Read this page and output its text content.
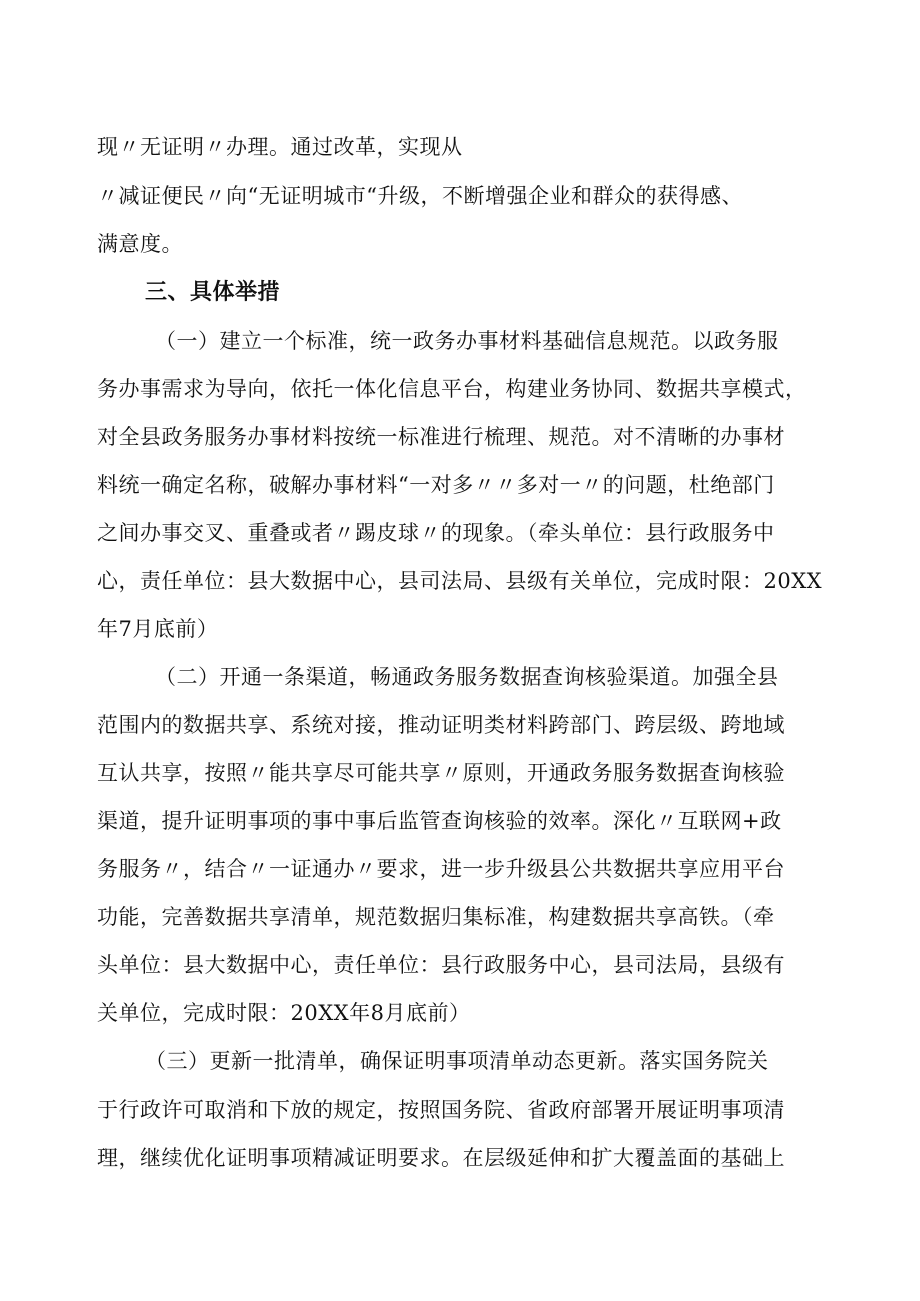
现〃无证明〃办理。通过改革，实现从
〃减证便民〃向“无证明城市“升级，不断增强企业和群众的获得感、
满意度。
三、具体举措
（一）建立一个标准，统一政务办事材料基础信息规范。以政务服
务办事需求为导向，依托一体化信息平台，构建业务协同、数据共享模式，
对全县政务服务办事材料按统一标准进行梳理、规范。对不清晰的办事材
料统一确定名称，破解办事材料“一对多〃〃多对一〃的问题，杜绝部门
之间办事交叉、重叠或者〃踢皮球〃的现象。（牵头单位：县行政服务中
心，责任单位：县大数据中心，县司法局、县级有关单位，完成时限：20XX
年7月底前）
（二）开通一条渠道，畅通政务服务数据查询核验渠道。加强全县
范围内的数据共享、系统对接，推动证明类材料跨部门、跨层级、跨地域
互认共享，按照〃能共享尽可能共享〃原则，开通政务服务数据查询核验
渠道，提升证明事项的事中事后监管查询核验的效率。深化〃互联网+政
务服务〃，结合〃一证通办〃要求，进一步升级县公共数据共享应用平台
功能，完善数据共享清单，规范数据归集标准，构建数据共享高铁。（牵
头单位：县大数据中心，责任单位：县行政服务中心，县司法局，县级有
关单位，完成时限：20XX年8月底前）
（三）更新一批清单，确保证明事项清单动态更新。落实国务院关
于行政许可取消和下放的规定，按照国务院、省政府部署开展证明事项清
理，继续优化证明事项精减证明要求。在层级延伸和扩大覆盖面的基础上
